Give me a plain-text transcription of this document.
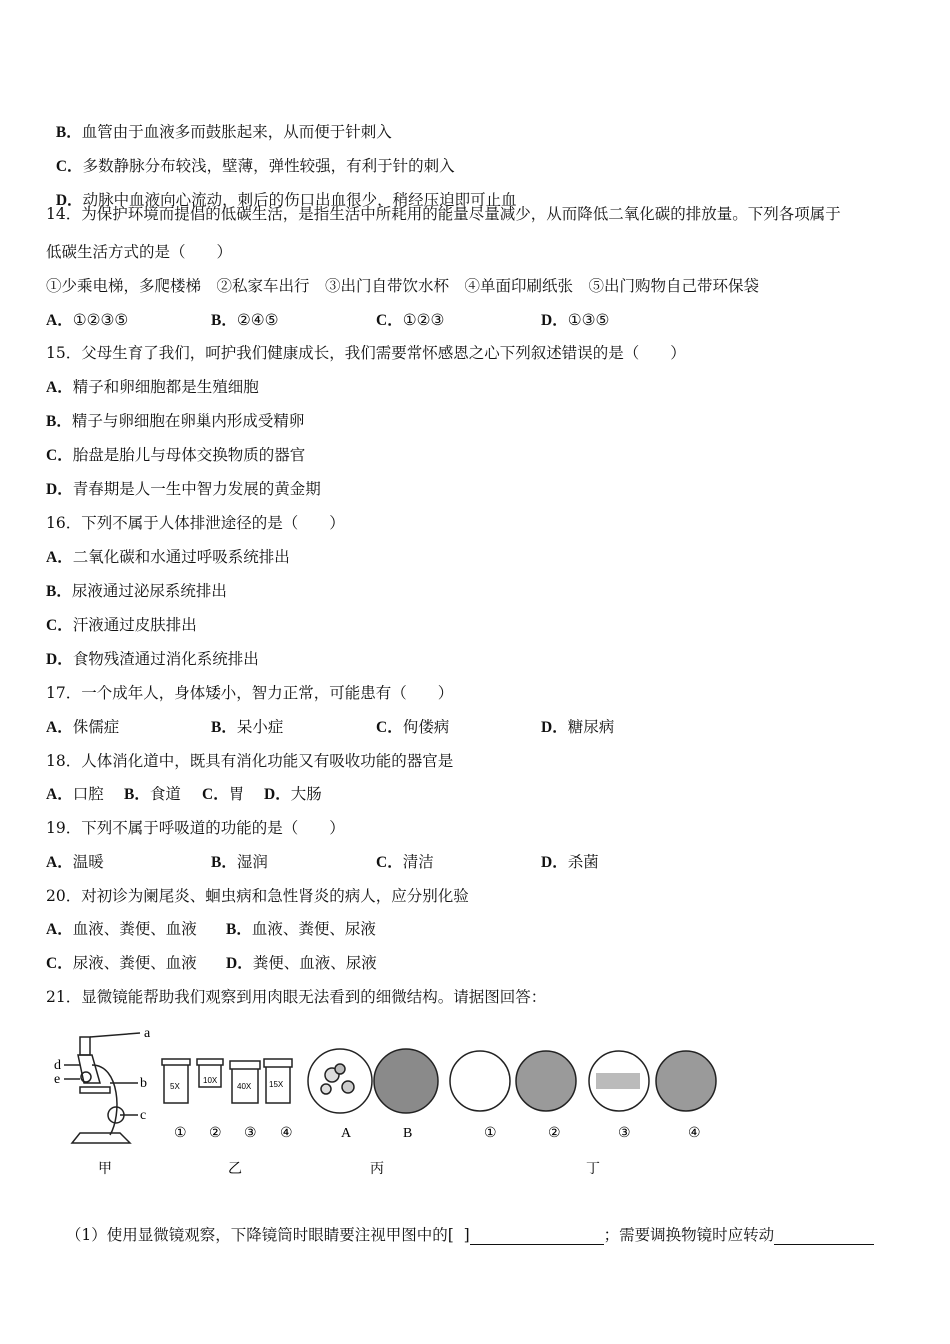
B．血管由于血液多而鼓胀起来，从而便于针刺入

C．多数静脉分布较浅，壁薄，弹性较强，有利于针的刺入

D．动脉中血液向心流动，刺后的伤口出血很少，稍经压迫即可止血

14．为保护环境而提倡的低碳生活，是指生活中所耗用的能量尽量减少，从而降低二氧化碳的排放量。下列各项属于
低碳生活方式的是（　　）
①少乘电梯，多爬楼梯　②私家车出行　③出门自带饮水杯　④单面印刷纸张　⑤出门购物自己带环保袋

A．①②③⑤

	B．②④⑤

	C．①②③

	D．①③⑤

15．父母生育了我们，呵护我们健康成长，我们需要常怀感恩之心下列叙述错误的是（　　）
A．精子和卵细胞都是生殖细胞
B．精子与卵细胞在卵巢内形成受精卵
C．胎盘是胎儿与母体交换物质的器官
D．青春期是人一生中智力发展的黄金期
16．下列不属于人体排泄途径的是（　　）
A．二氧化碳和水通过呼吸系统排出
B．尿液通过泌尿系统排出
C．汗液通过皮肤排出
D．食物残渣通过消化系统排出
17．一个成年人，身体矮小，智力正常，可能患有（　　）

A．侏儒症

	B．呆小症

	C．佝偻病

	D．糖尿病

18．人体消化道中，既具有消化功能又有吸收功能的器官是

A．口腔

B．食道

C．胃

D．大肠

19．下列不属于呼吸道的功能的是（　　）

A．温暖

	B．湿润

	C．清洁

	D．杀菌

20．对初诊为阑尾炎、蛔虫病和急性肾炎的病人，应分别化验

A．血液、粪便、血液

B．血液、粪便、尿液

C．尿液、粪便、血液

D．粪便、血液、尿液

21．显微镜能帮助我们观察到用肉眼无法看到的细微结构。请据图回答：
a
b
c
d
e	5X
10X
40X 15X
① ② ③ ④	A	B	①	②	③	④
甲	乙	丙	丁

（1）使用显微镜观察，下降镜筒时眼睛要注视甲图中的[  ]	；需要调换物镜时应转动
